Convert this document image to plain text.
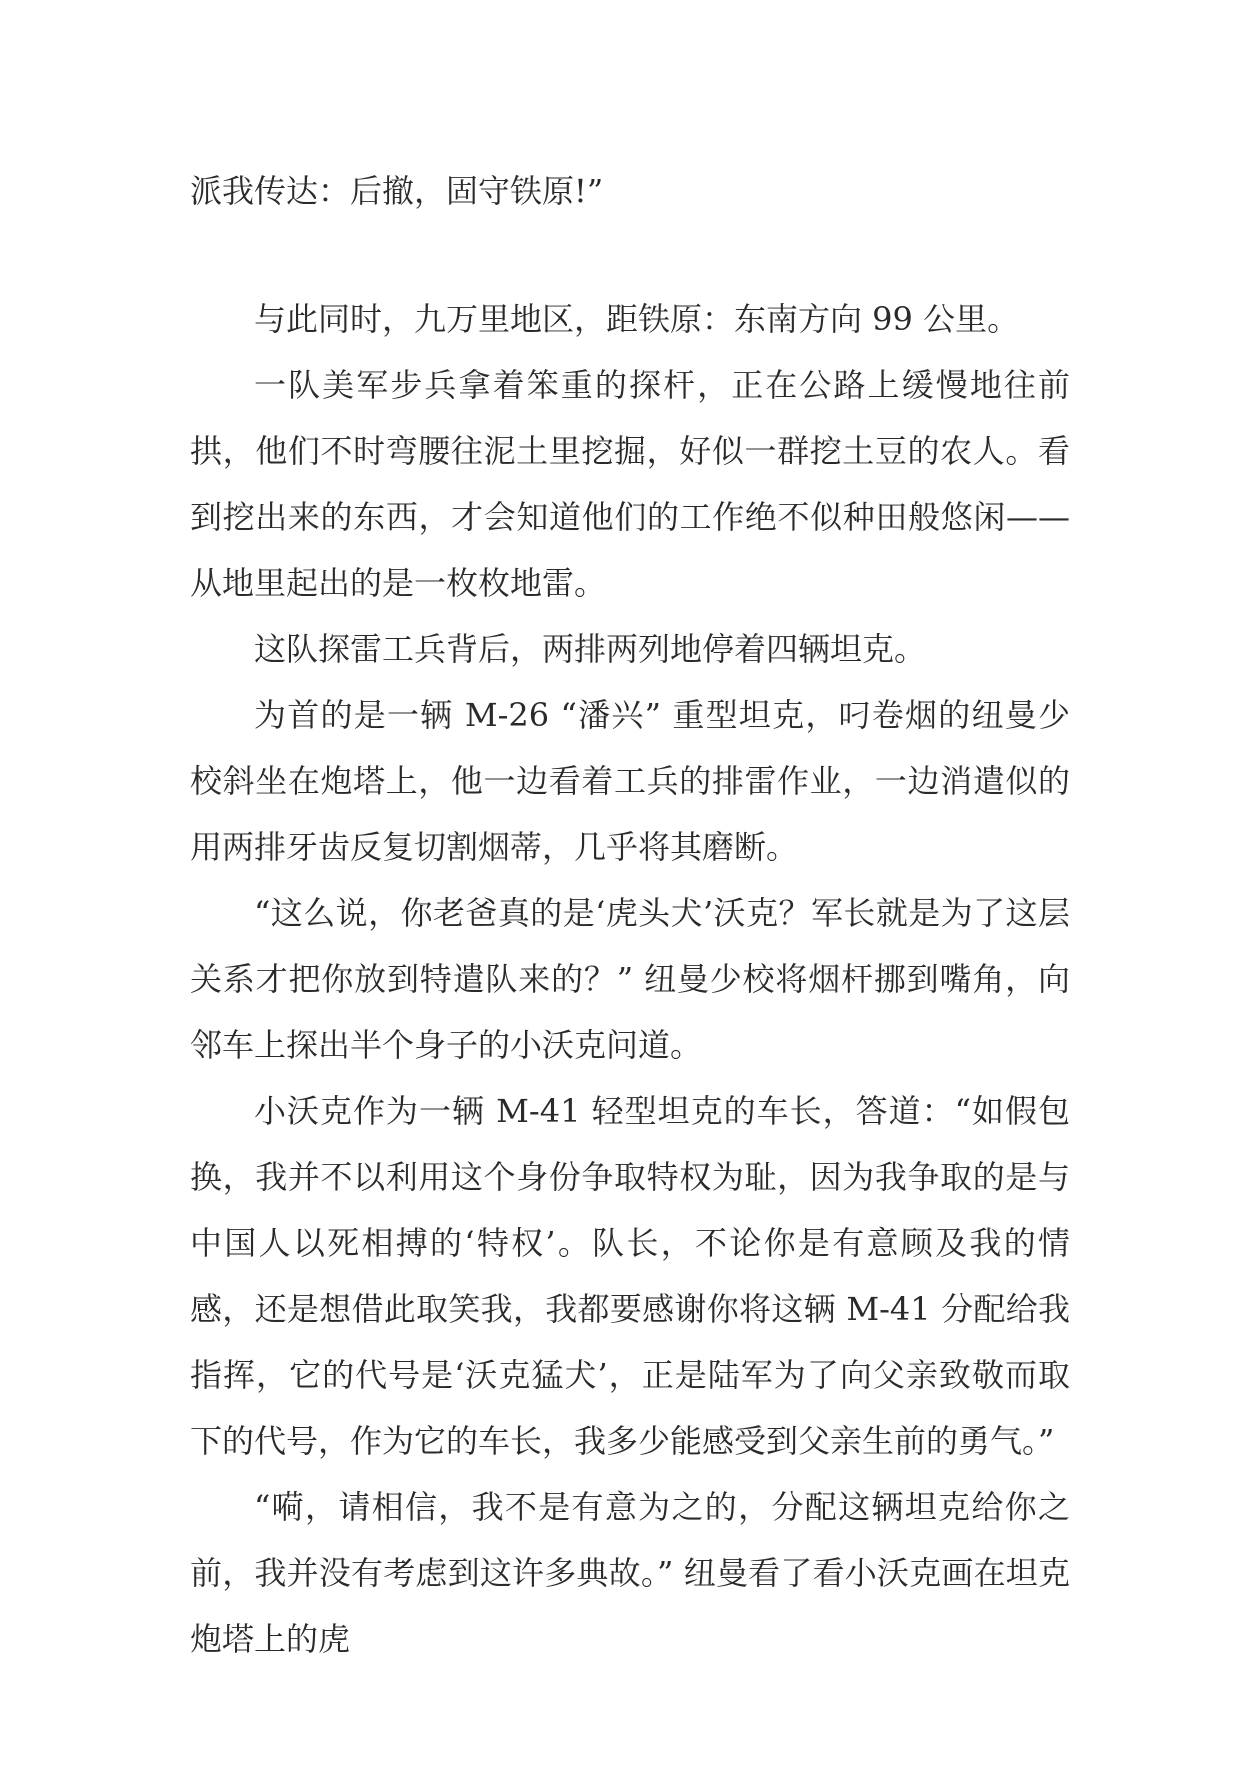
派我传达：后撤，固守铁原!”

与此同时，九万里地区，距铁原：东南方向 99 公里。

一队美军步兵拿着笨重的探杆，正在公路上缓慢地往前拱，他们不时弯腰往泥土里挖掘，好似一群挖土豆的农人。看到挖出来的东西，才会知道他们的工作绝不似种田般悠闲——从地里起出的是一枚枚地雷。

这队探雷工兵背后，两排两列地停着四辆坦克。

为首的是一辆 M-26 “潘兴” 重型坦克，叼卷烟的纽曼少校斜坐在炮塔上，他一边看着工兵的排雷作业，一边消遣似的用两排牙齿反复切割烟蒂，几乎将其磨断。

“这么说，你老爸真的是‘虎头犬’沃克？军长就是为了这层关系才把你放到特遣队来的？” 纽曼少校将烟杆挪到嘴角，向邻车上探出半个身子的小沃克问道。

小沃克作为一辆 M-41 轻型坦克的车长，答道：“如假包换，我并不以利用这个身份争取特权为耻，因为我争取的是与中国人以死相搏的‘特权’。队长，不论你是有意顾及我的情感，还是想借此取笑我，我都要感谢你将这辆 M-41 分配给我指挥，它的代号是‘沃克猛犬’，正是陆军为了向父亲致敬而取下的代号，作为它的车长，我多少能感受到父亲生前的勇气。”

“嗬，请相信，我不是有意为之的，分配这辆坦克给你之前，我并没有考虑到这许多典故。” 纽曼看了看小沃克画在坦克炮塔上的虎
